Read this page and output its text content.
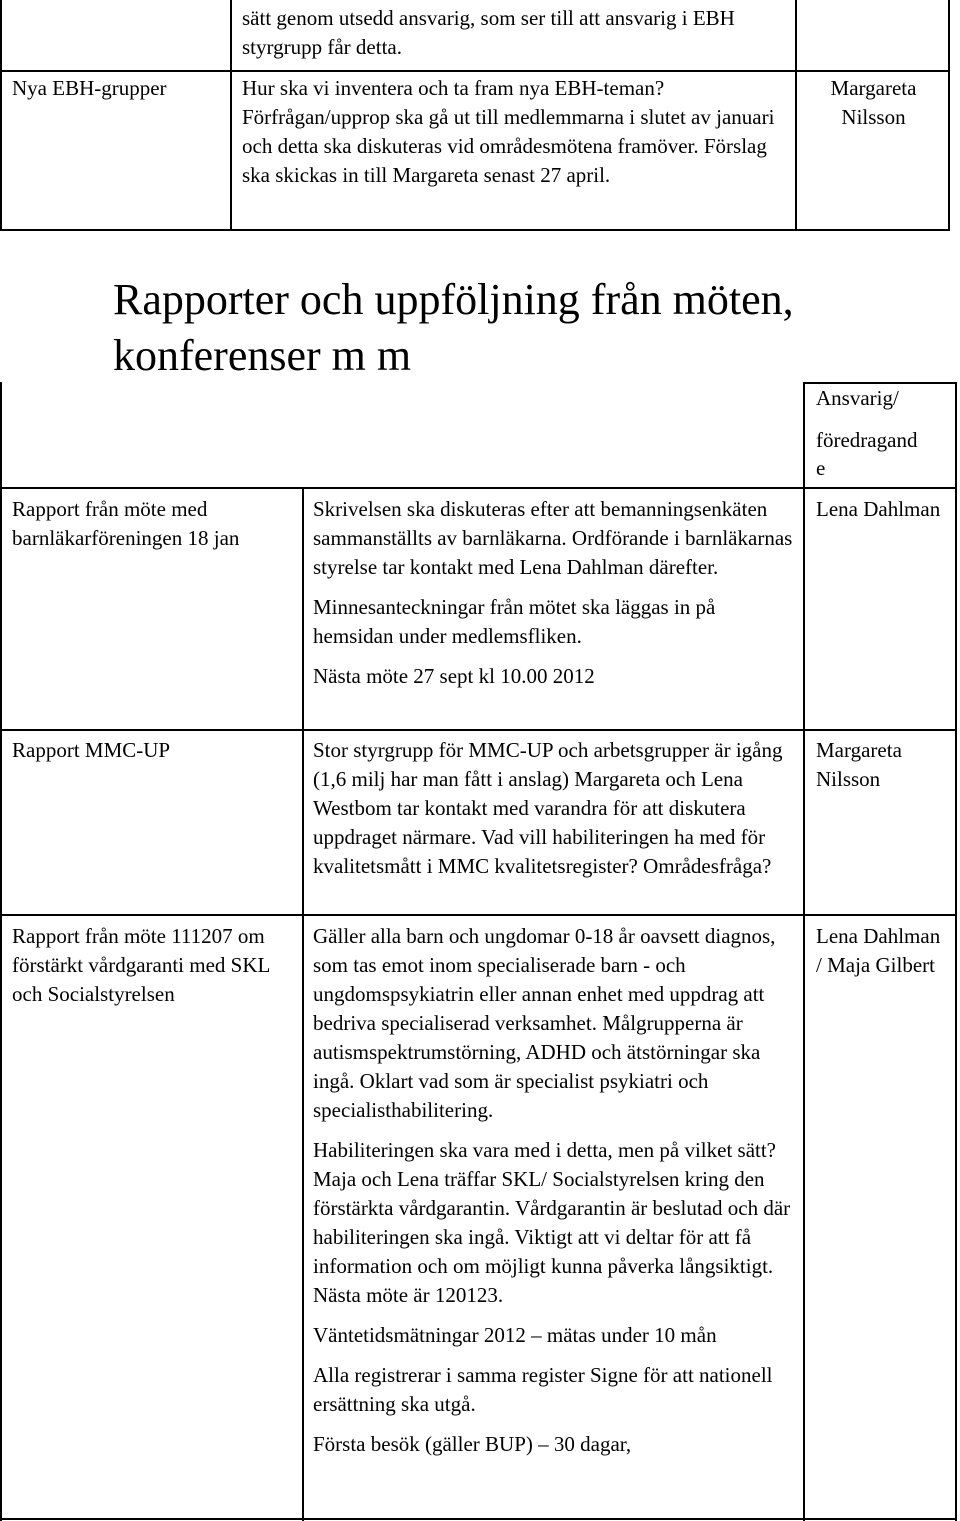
sätt genom utsedd ansvarig, som ser till att ansvarig i EBH styrgrupp får detta.
Nya EBH-grupper	Hur ska vi inventera och ta fram nya EBH-teman? Förfrågan/upprop ska gå ut till medlemmarna i slutet av januari och detta ska diskuteras vid områdesmötena framöver. Förslag ska skickas in till Margareta senast 27 april.
Margareta
Nilsson
Rapporter och uppföljning från möten,
konferenser m m
Ansvarig/
föredragand
e
Rapport från möte med barnläkarföreningen 18 jan

Skrivelsen ska diskuteras efter att bemanningsenkäten sammanställts av barnläkarna. Ordförande i barnläkarnas styrelse tar kontakt med Lena Dahlman därefter.

Minnesanteckningar från mötet ska läggas in på hemsidan under medlemsfliken.

Nästa möte 27 sept kl 10.00 2012

Lena Dahlman
Rapport MMC-UP	Stor styrgrupp för MMC-UP och arbetsgrupper är igång (1,6 milj har man fått i anslag) Margareta och Lena Westbom tar kontakt med varandra för att diskutera uppdraget närmare. Vad vill habiliteringen ha med för kvalitetsmått i MMC kvalitetsregister? Områdesfråga?

Margareta Nilsson
Rapport från möte 111207 om förstärkt vårdgaranti med SKL och Socialstyrelsen

Gäller alla barn och ungdomar 0-18 år oavsett diagnos, som tas emot inom specialiserade barn - och ungdomspsykiatrin eller annan enhet med uppdrag att bedriva specialiserad verksamhet. Målgrupperna är autismspektrumstörning, ADHD och ätstörningar ska ingå. Oklart vad som är specialist psykiatri och specialisthabilitering.

Habiliteringen ska vara med i detta, men på vilket sätt? Maja och Lena träffar SKL/ Socialstyrelsen kring den förstärkta vårdgarantin. Vårdgarantin är beslutad och där habiliteringen ska ingå. Viktigt att vi deltar för att få information och om möjligt kunna påverka långsiktigt. Nästa möte är 120123.

Väntetidsmätningar 2012 – mätas under 10 mån

Alla registrerar i samma register Signe för att nationell ersättning ska utgå.

Första besök (gäller BUP) – 30 dagar,

Lena Dahlman / Maja Gilbert
